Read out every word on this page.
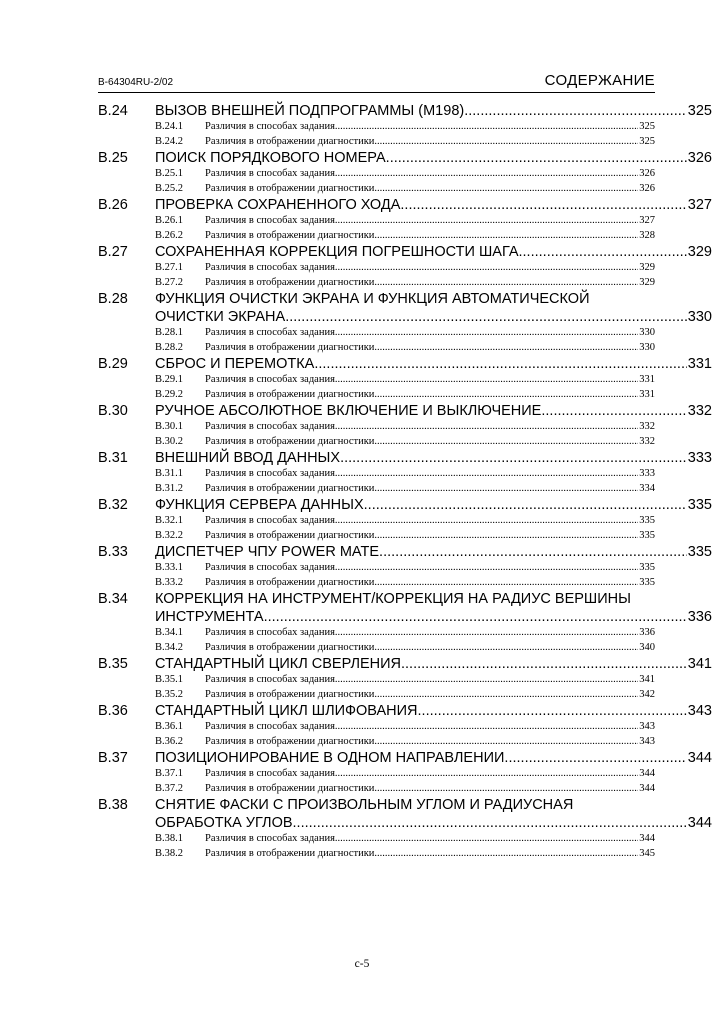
B-64304RU-2/02	СОДЕРЖАНИЕ
B.24	ВЫЗОВ ВНЕШНЕЙ ПОДПРОГРАММЫ (M198) .....	325
B.24.1	Различия в способах задания .....	325
B.24.2	Различия в отображении диагностики .....	325
B.25	ПОИСК ПОРЯДКОВОГО НОМЕРА .....	326
B.25.1	Различия в способах задания .....	326
B.25.2	Различия в отображении диагностики .....	326
B.26	ПРОВЕРКА СОХРАНЕННОГО ХОДА .....	327
B.26.1	Различия в способах задания .....	327
B.26.2	Различия в отображении диагностики .....	328
B.27	СОХРАНЕННАЯ КОРРЕКЦИЯ ПОГРЕШНОСТИ ШАГА .....	329
B.27.1	Различия в способах задания .....	329
B.27.2	Различия в отображении диагностики .....	329
B.28	ФУНКЦИЯ ОЧИСТКИ ЭКРАНА И ФУНКЦИЯ АВТОМАТИЧЕСКОЙ
ОЧИСТКИ ЭКРАНА .....	330
B.28.1	Различия в способах задания .....	330
B.28.2	Различия в отображении диагностики .....	330
B.29	СБРОС И ПЕРЕМОТКА .....	331
B.29.1	Различия в способах задания .....	331
B.29.2	Различия в отображении диагностики .....	331
B.30	РУЧНОЕ АБСОЛЮТНОЕ ВКЛЮЧЕНИЕ И ВЫКЛЮЧЕНИЕ .....	332
B.30.1	Различия в способах задания .....	332
B.30.2	Различия в отображении диагностики .....	332
B.31	ВНЕШНИЙ ВВОД ДАННЫХ .....	333
B.31.1	Различия в способах задания .....	333
B.31.2	Различия в отображении диагностики .....	334
B.32	ФУНКЦИЯ СЕРВЕРА ДАННЫХ .....	335
B.32.1	Различия в способах задания .....	335
B.32.2	Различия в отображении диагностики .....	335
B.33	ДИСПЕТЧЕР ЧПУ POWER MATE .....	335
B.33.1	Различия в способах задания .....	335
B.33.2	Различия в отображении диагностики .....	335
B.34	КОРРЕКЦИЯ НА ИНСТРУМЕНТ/КОРРЕКЦИЯ НА РАДИУС ВЕРШИНЫ
ИНСТРУМЕНТА .....	336
B.34.1	Различия в способах задания .....	336
B.34.2	Различия в отображении диагностики .....	340
B.35	СТАНДАРТНЫЙ ЦИКЛ СВЕРЛЕНИЯ .....	341
B.35.1	Различия в способах задания .....	341
B.35.2	Различия в отображении диагностики .....	342
B.36	СТАНДАРТНЫЙ ЦИКЛ ШЛИФОВАНИЯ .....	343
B.36.1	Различия в способах задания .....	343
B.36.2	Различия в отображении диагностики .....	343
B.37	ПОЗИЦИОНИРОВАНИЕ В ОДНОМ НАПРАВЛЕНИИ .....	344
B.37.1	Различия в способах задания .....	344
B.37.2	Различия в отображении диагностики .....	344
B.38	СНЯТИЕ ФАСКИ С ПРОИЗВОЛЬНЫМ УГЛОМ И РАДИУСНАЯ
ОБРАБОТКА УГЛОВ .....	344
B.38.1	Различия в способах задания .....	344
B.38.2	Различия в отображении диагностики .....	345
c-5
